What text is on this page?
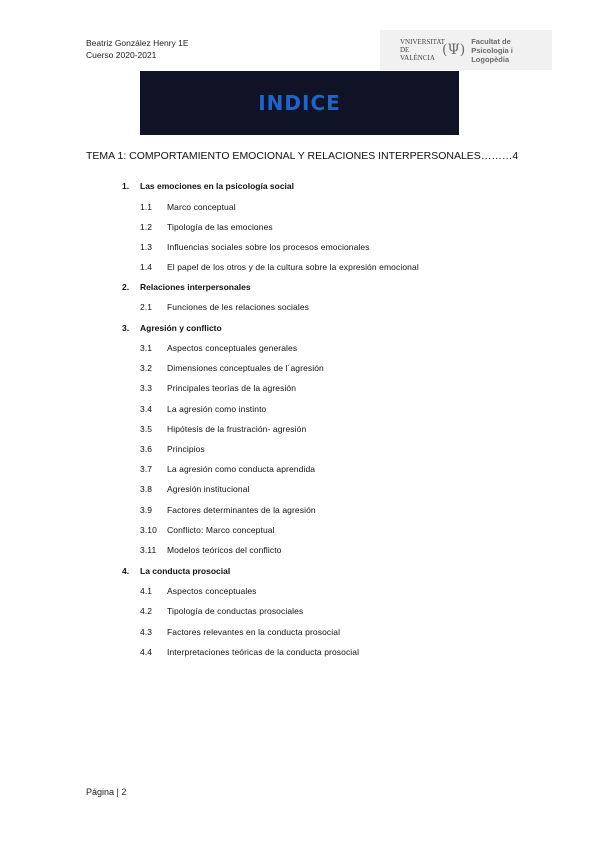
Beatriz González Henry 1E
Cuerso 2020-2021
VNIVERSITAT
DE VALÈNCIA (Ψ)
Facultat de
Psicologia i Logopèdia
INDICE
TEMA 1: COMPORTAMIENTO EMOCIONAL Y RELACIONES INTERPERSONALES………4
1. Las emociones en la psicología social
1.1 Marco conceptual
1.2 Tipología de las emociones
1.3 Influencias sociales sobre los procesos emocionales
1.4 El papel de los otros y de la cultura sobre la expresión emocional
2. Relaciones interpersonales
2.1 Funciones de les relaciones sociales
3. Agresión y conflicto
3.1 Aspectos conceptuales generales
3.2 Dimensiones conceptuales de l´agresión
3.3 Principales teorías de la agresión
3.4 La agresión como instinto
3.5 Hipótesis de la frustración- agresión
3.6 Principios
3.7 La agresión como conducta aprendida
3.8 Agresión institucional
3.9 Factores determinantes de la agresión
3.10 Conflicto: Marco conceptual
3.11 Modelos teóricos del conflicto
4. La conducta prosocial
4.1 Aspectos conceptuales
4.2 Tipología de conductas prosociales
4.3 Factores relevantes en la conducta prosocial
4.4 Interpretaciones teóricas de la conducta prosocial
Página | 2
